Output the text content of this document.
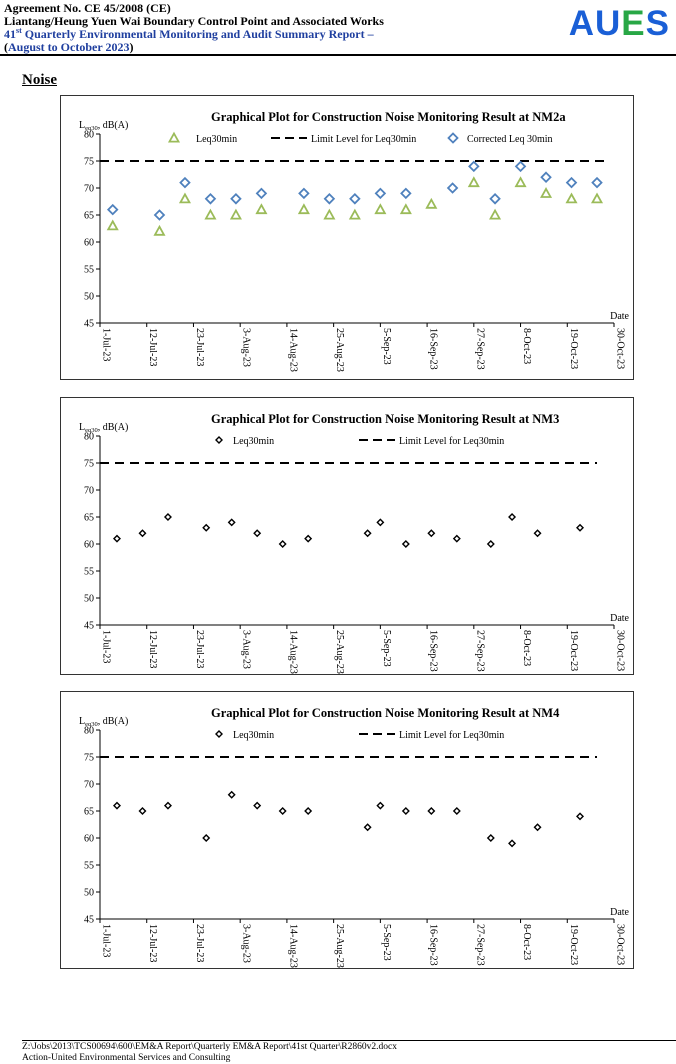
Agreement No. CE 45/2008 (CE)
Liantang/Heung Yuen Wai Boundary Control Point and Associated Works
41st Quarterly Environmental Monitoring and Audit Summary Report –
(August to October 2023)
AUES
Noise
Graphical Plot for Construction Noise Monitoring Result at NM2a
$L_{eq30}$, dB(A)
45
50
55
60
65
70
75
80
1-Jul-23	12-Jul-23	23-Jul-23	3-Aug-23	14-Aug-23	25-Aug-23	5-Sep-23	16-Sep-23	27-Sep-23	8-Oct-23	19-Oct-23	30-Oct-23
Date
Leq30min	Limit Level for Leq30min	Corrected Leq 30min
Graphical Plot for Construction Noise Monitoring Result at NM3
$L_{eq30}$, dB(A)
45
50
55
60
65
70
75
80
1-Jul-23	12-Jul-23	23-Jul-23	3-Aug-23	14-Aug-23	25-Aug-23	5-Sep-23	16-Sep-23	27-Sep-23	8-Oct-23	19-Oct-23	30-Oct-23
Date
Leq30min	Limit Level for Leq30min
Graphical Plot for Construction Noise Monitoring Result at NM4
$L_{eq30}$, dB(A)
45
50
55
60
65
70
75
80
1-Jul-23	12-Jul-23	23-Jul-23	3-Aug-23	14-Aug-23	25-Aug-23	5-Sep-23	16-Sep-23	27-Sep-23	8-Oct-23	19-Oct-23	30-Oct-23
Date
Leq30min	Limit Level for Leq30min
Z:\Jobs\2013\TCS00694\600\EM&A Report\Quarterly EM&A Report\41st Quarter\R2860v2.docx
Action-United Environmental Services and Consulting
